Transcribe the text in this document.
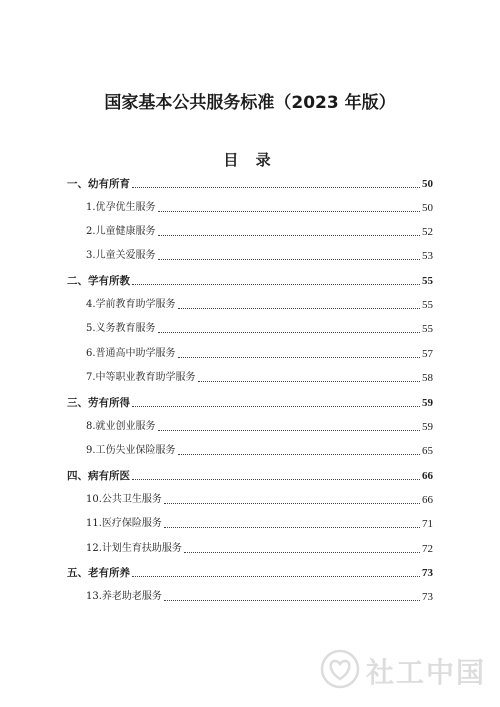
国家基本公共服务标准（2023 年版）
目 录
一、幼有所育	50
1.优孕优生服务	50
2.儿童健康服务	52
3.儿童关爱服务	53
二、学有所教	55
4.学前教育助学服务	55
5.义务教育服务	55
6.普通高中助学服务	57
7.中等职业教育助学服务	58
三、劳有所得	59
8.就业创业服务	59
9.工伤失业保险服务	65
四、病有所医	66
10.公共卫生服务	66
11.医疗保险服务	71
12.计划生育扶助服务	72
五、老有所养	73
13.养老助老服务	73
社工中国
